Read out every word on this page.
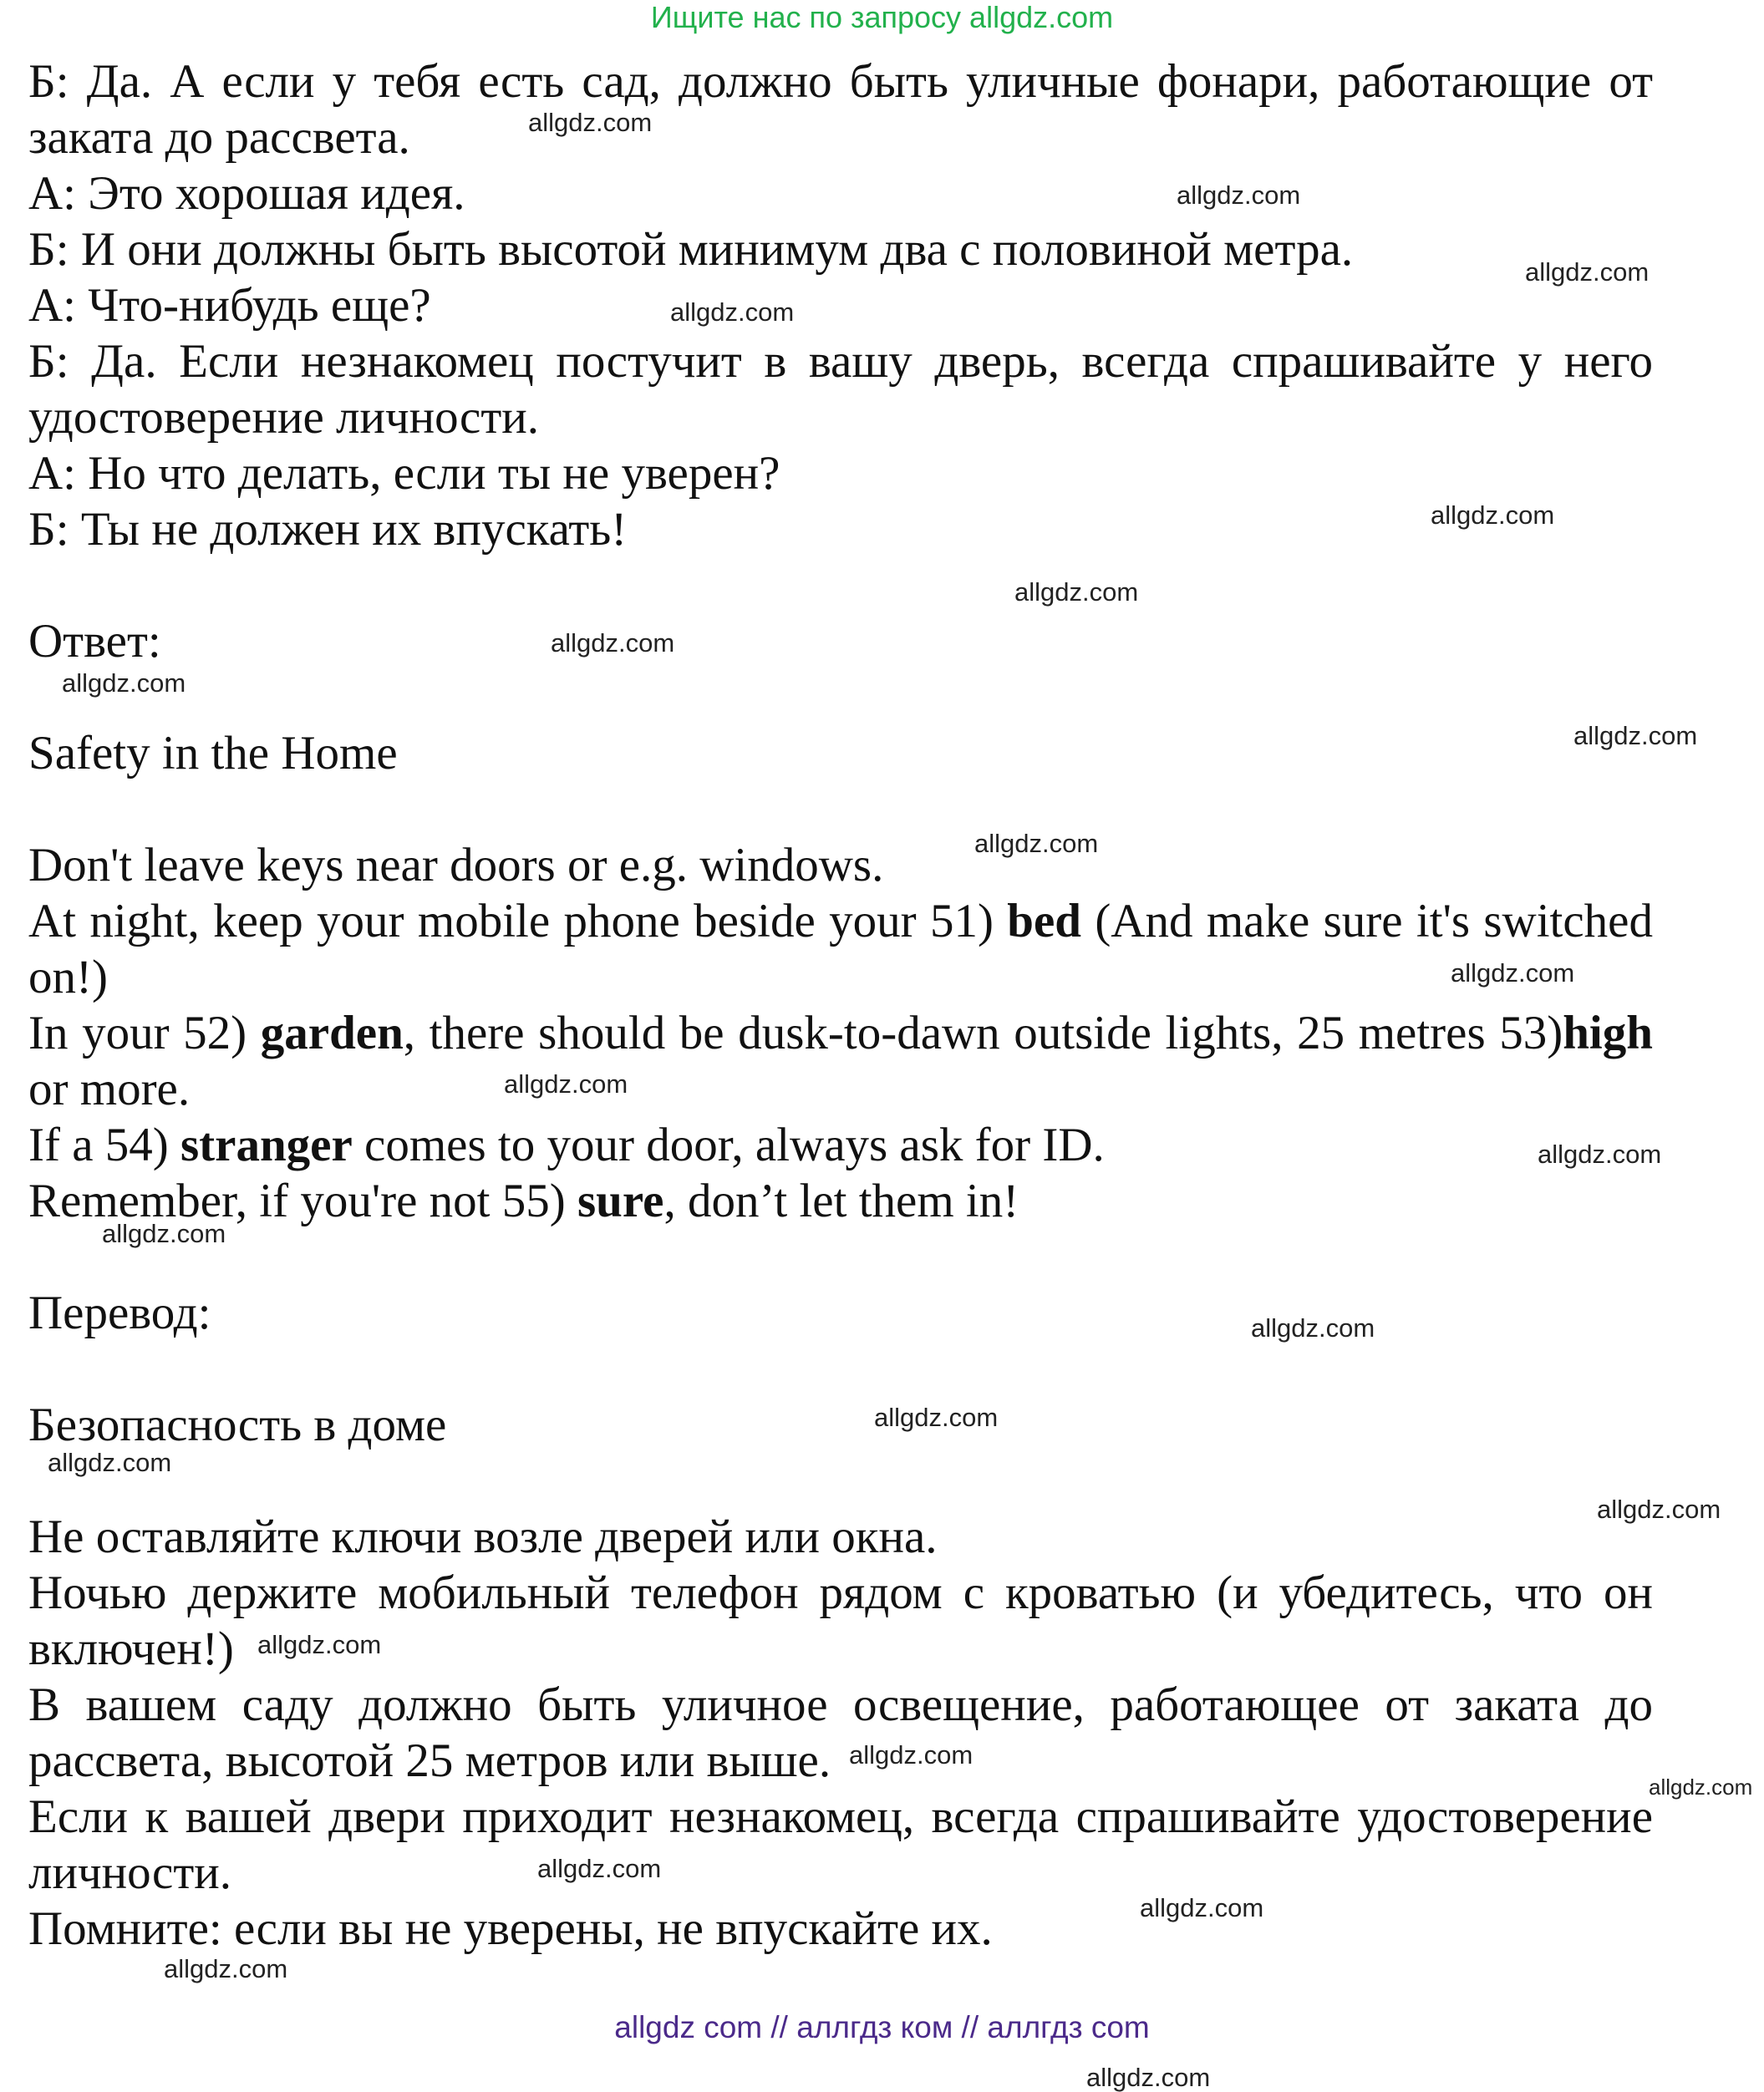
Ищите нас по запросу allgdz.com
Б: Да. А если у тебя есть сад, должно быть уличные фонари, работающие от заката до рассвета.
А: Это хорошая идея.
Б: И они должны быть высотой минимум два с половиной метра.
А: Что-нибудь еще?
Б: Да. Если незнакомец постучит в вашу дверь, всегда спрашивайте у него удостоверение личности.
А: Но что делать, если ты не уверен?
Б: Ты не должен их впускать!
Ответ:
Safety in the Home
Don't leave keys near doors or e.g. windows.
At night, keep your mobile phone beside your 51) bed (And make sure it's switched on!)
In your 52) garden, there should be dusk-to-dawn outside lights, 25 metres 53)high or more.
If a 54) stranger comes to your door, always ask for ID.
Remember, if you're not 55) sure, don’t let them in!
Перевод:
Безопасность в доме
Не оставляйте ключи возле дверей или окна.
Ночью держите мобильный телефон рядом с кроватью (и убедитесь, что он включен!)
В вашем саду должно быть уличное освещение, работающее от заката до рассвета, высотой 25 метров или выше.
Если к вашей двери приходит незнакомец, всегда спрашивайте удостоверение личности.
Помните: если вы не уверены, не впускайте их.
allgdz.com
allgdz.com
allgdz.com
allgdz.com
allgdz.com
allgdz.com
allgdz.com
allgdz.com
allgdz.com
allgdz.com
allgdz.com
allgdz.com
allgdz.com
allgdz.com
allgdz.com
allgdz.com
allgdz.com
allgdz.com
allgdz.com
allgdz.com
allgdz.com
allgdz.com
allgdz.com
allgdz.com
allgdz.com
allgdz com // аллгдз ком // аллгдз com
